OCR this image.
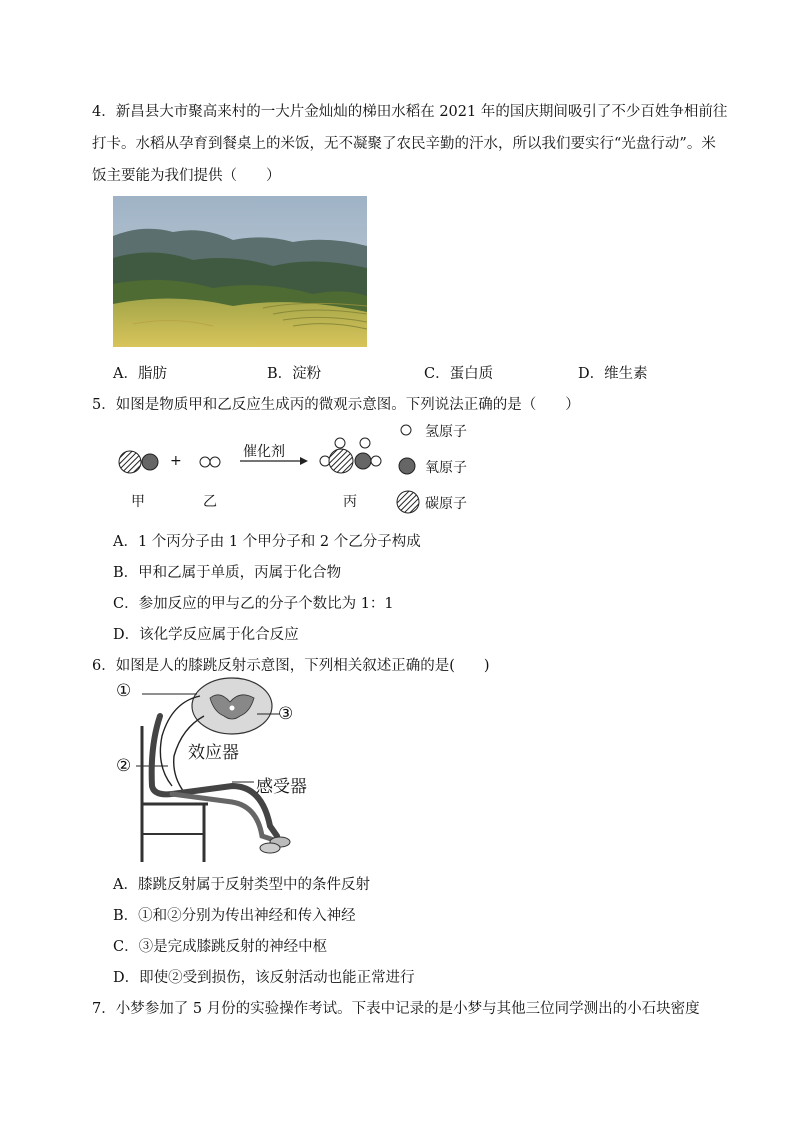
4．新昌县大市聚高来村的一大片金灿灿的梯田水稻在 2021 年的国庆期间吸引了不少百姓争相前往
打卡。水稻从孕育到餐桌上的米饭，无不凝聚了农民辛勤的汗水，所以我们要实行“光盘行动”。米
饭主要能为我们提供（　　）
A．脂肪	B．淀粉	C．蛋白质	D．维生素
5．如图是物质甲和乙反应生成丙的微观示意图。下列说法正确的是（　　）
+
催化剂
甲	乙	丙
氢原子
氧原子
碳原子
A．1 个丙分子由 1 个甲分子和 2 个乙分子构成
B．甲和乙属于单质，丙属于化合物
C．参加反应的甲与乙的分子个数比为 1：1
D．该化学反应属于化合反应
6．如图是人的膝跳反射示意图，下列相关叙述正确的是(　　)
①
③
效应器
②
感受器
A．膝跳反射属于反射类型中的条件反射
B．①和②分别为传出神经和传入神经
C．③是完成膝跳反射的神经中枢
D．即使②受到损伤，该反射活动也能正常进行
7．小梦参加了 5 月份的实验操作考试。下表中记录的是小梦与其他三位同学测出的小石块密度
